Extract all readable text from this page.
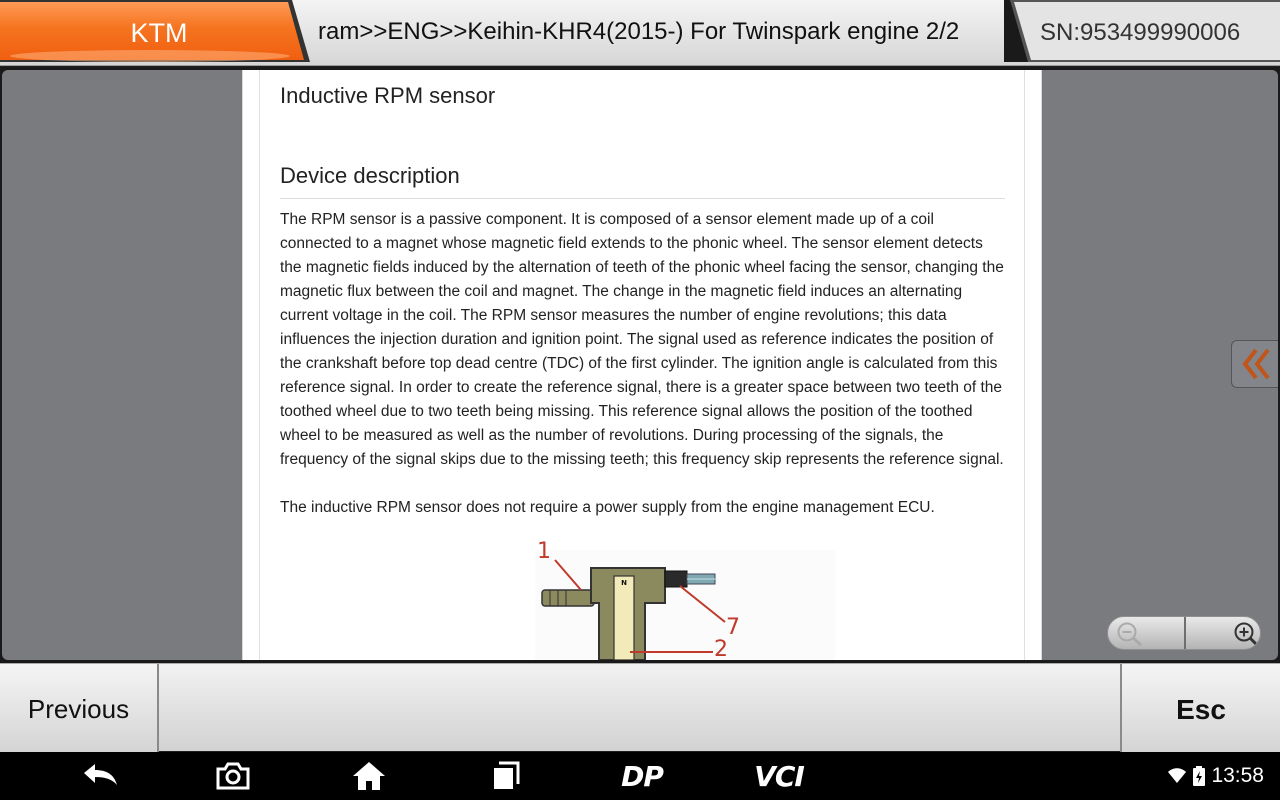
KTM	ram>>ENG>>Keihin-KHR4(2015-) For Twinspark engine 2/2	SN:953499990006
Inductive RPM sensor
Device description
The RPM sensor is a passive component. It is composed of a sensor element made up of a coil connected to a magnet whose magnetic field extends to the phonic wheel. The sensor element detects the magnetic fields induced by the alternation of teeth of the phonic wheel facing the sensor, changing the magnetic flux between the coil and magnet. The change in the magnetic field induces an alternating current voltage in the coil. The RPM sensor measures the number of engine revolutions; this data influences the injection duration and ignition point. The signal used as reference indicates the position of the crankshaft before top dead centre (TDC) of the first cylinder. The ignition angle is calculated from this reference signal. In order to create the reference signal, there is a greater space between two teeth of the toothed wheel due to two teeth being missing. This reference signal allows the position of the toothed wheel to be measured as well as the number of revolutions. During processing of the signals, the frequency of the signal skips due to the missing teeth; this frequency skip represents the reference signal.
The inductive RPM sensor does not require a power supply from the engine management ECU.
N
1
7
2
Previous	Esc
DP	VCI	13:58
